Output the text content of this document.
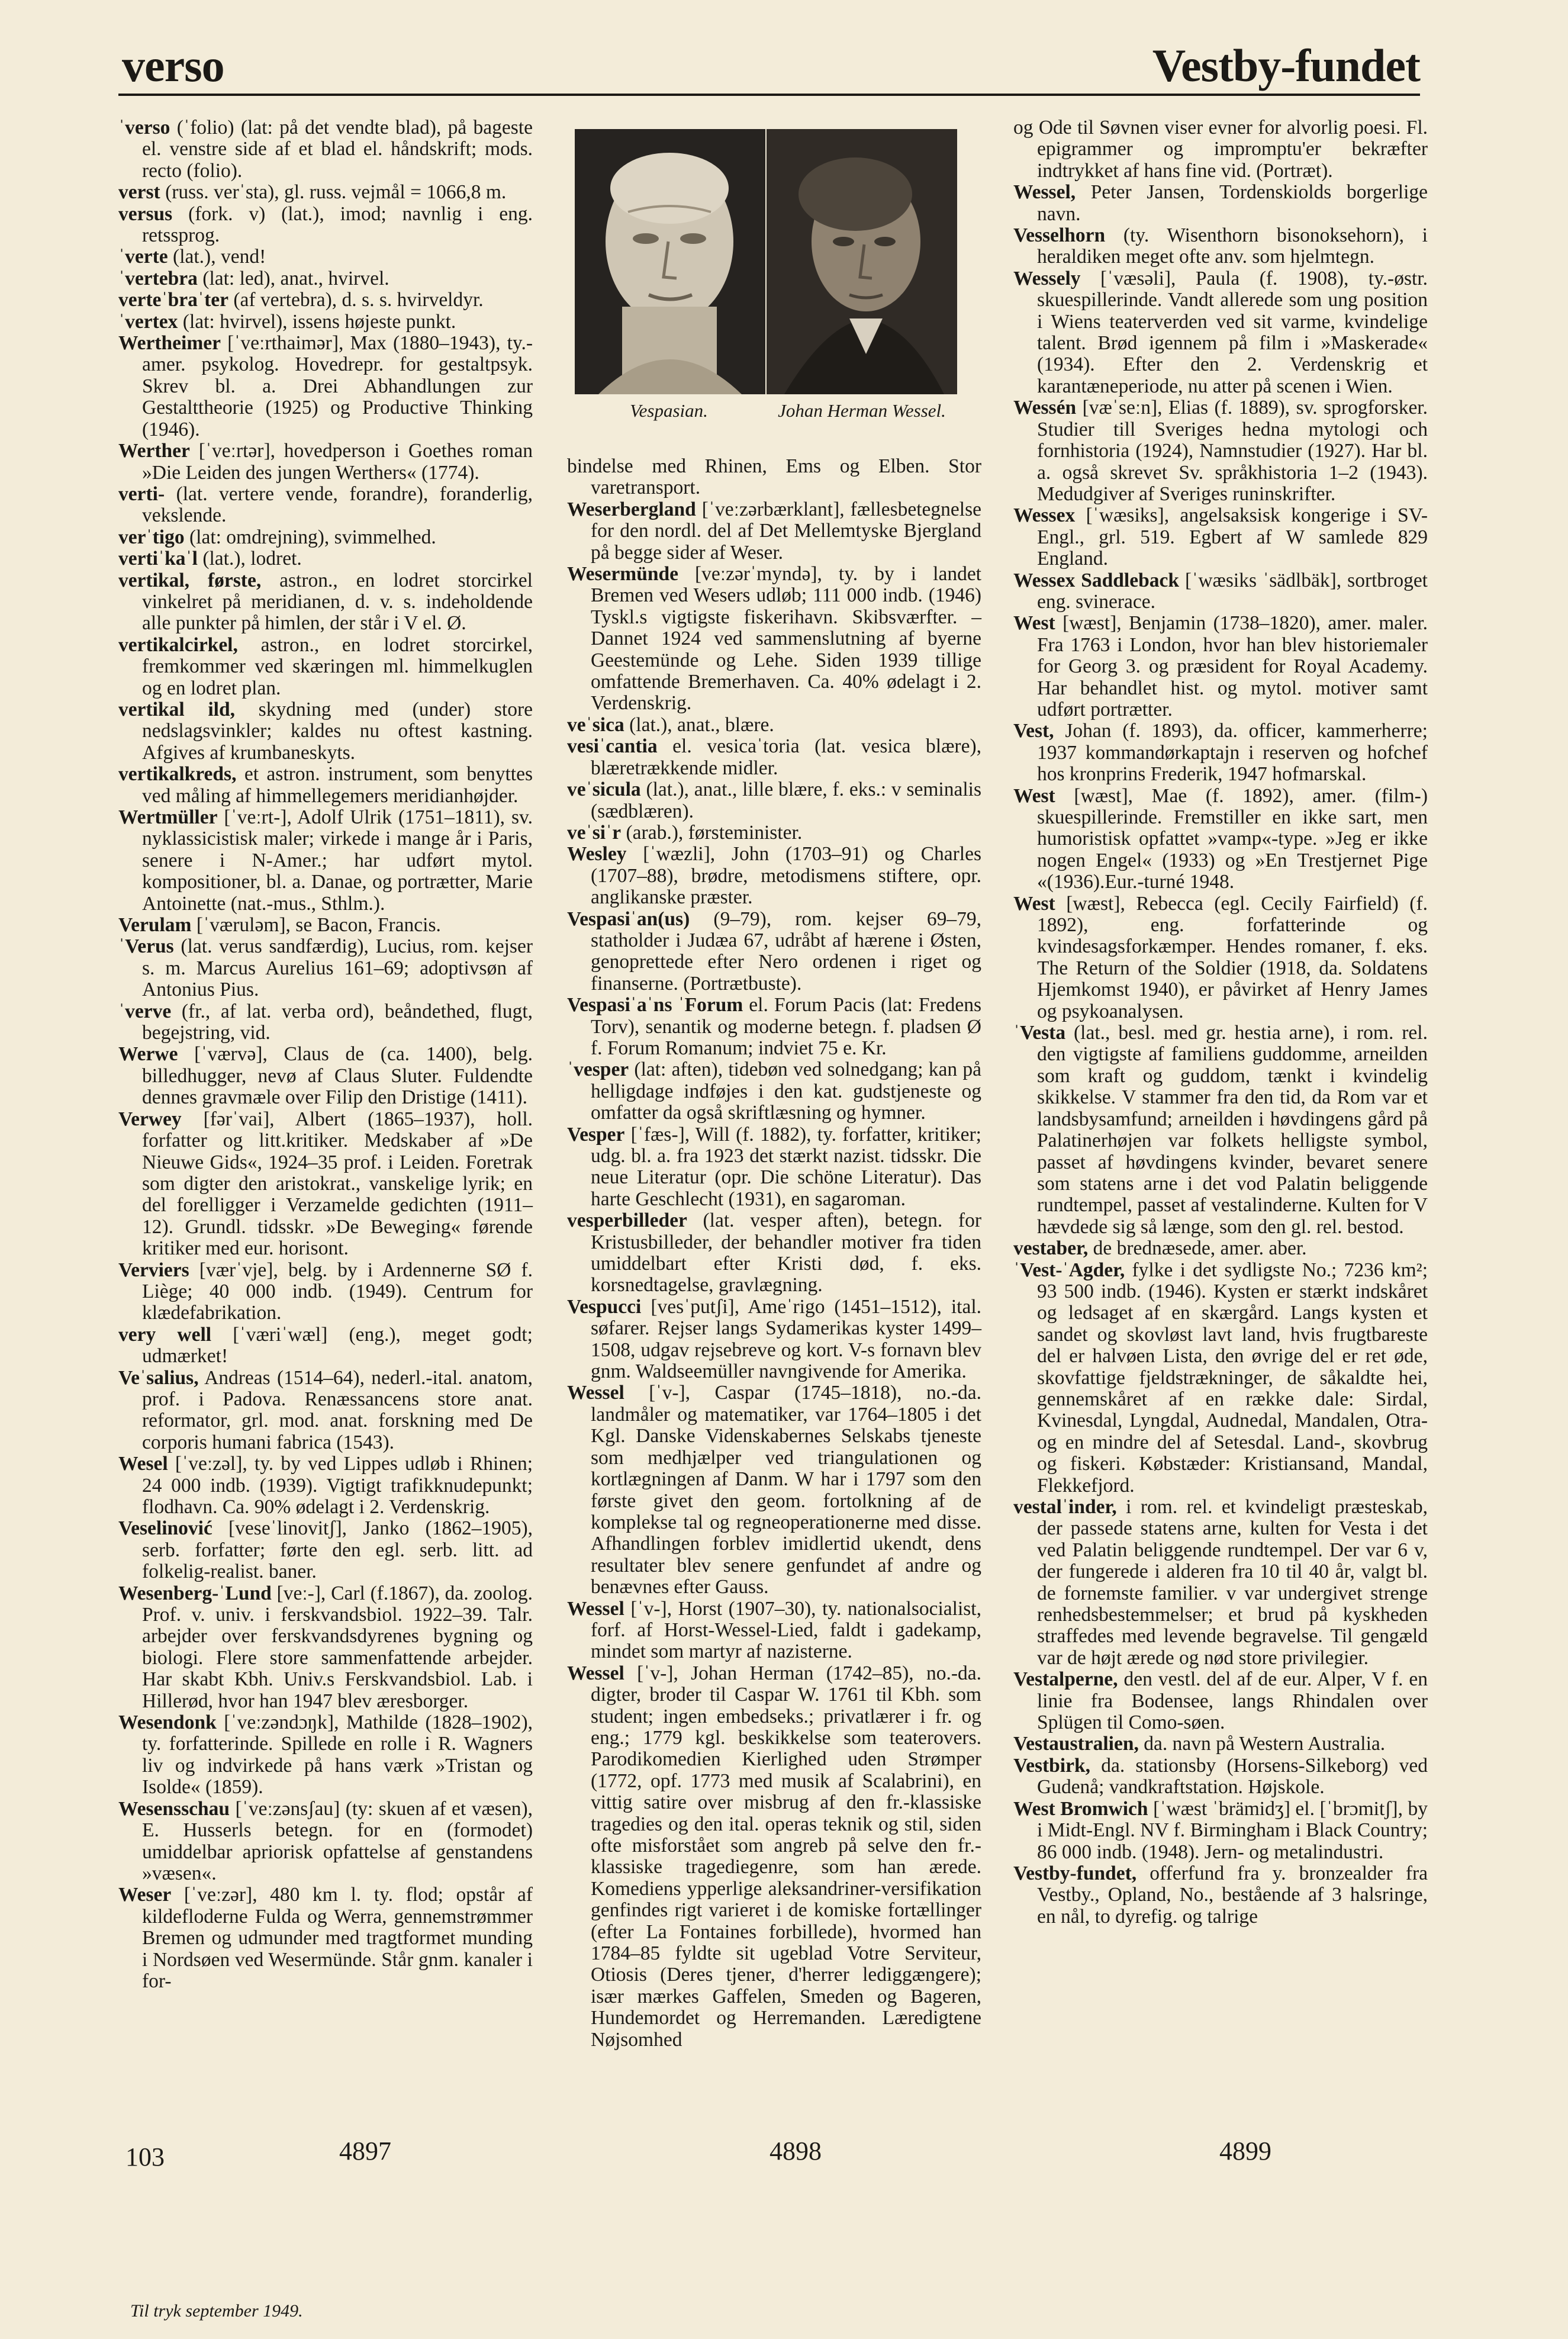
verso	Vestby-fundet

ˈverso (ˈfolio) (lat: på det vendte blad), på bageste el. venstre side af et blad el. håndskrift; mods. recto (folio).

verst (russ. verˈsta), gl. russ. vejmål = 1066,8 m.

versus (fork. v) (lat.), imod; navnlig i eng. retssprog.

ˈverte (lat.), vend!

ˈvertebra (lat: led), anat., hvirvel.

verteˈbraˈter (af vertebra), d. s. s. hvirveldyr.

ˈvertex (lat: hvirvel), issens højeste punkt.

Wertheimer [ˈveːrthaimər], Max (1880–1943), ty.-amer. psykolog. Hovedrepr. for gestaltpsyk. Skrev bl. a. Drei Abhandlungen zur Gestalttheorie (1925) og Productive Thinking (1946).

Werther [ˈveːrtər], hovedperson i Goethes roman »Die Leiden des jungen Werthers« (1774).

verti- (lat. vertere vende, forandre), foranderlig, vekslende.

verˈtigo (lat: omdrejning), svimmelhed.

vertiˈkaˈl (lat.), lodret.

vertikal, første, astron., en lodret storcirkel vinkelret på meridianen, d. v. s. indeholdende alle punkter på himlen, der står i V el. Ø.

vertikalcirkel, astron., en lodret storcirkel, fremkommer ved skæringen ml. himmelkuglen og en lodret plan.

vertikal ild, skydning med (under) store nedslagsvinkler; kaldes nu oftest kastning. Afgives af krumbaneskyts.

vertikalkreds, et astron. instrument, som benyttes ved måling af himmellegemers meridianhøjder.

Wertmüller [ˈveːrt-], Adolf Ulrik (1751–1811), sv. nyklassicistisk maler; virkede i mange år i Paris, senere i N-Amer.; har udført mytol. kompositioner, bl. a. Danae, og portrætter, Marie Antoinette (nat.-mus., Sthlm.).

Verulam [ˈværuləm], se Bacon, Francis.

ˈVerus (lat. verus sandfærdig), Lucius, rom. kejser s. m. Marcus Aurelius 161–69; adoptivsøn af Antonius Pius.

ˈverve (fr., af lat. verba ord), beåndethed, flugt, begejstring, vid.

Werwe [ˈværvə], Claus de (ca. 1400), belg. billedhugger, nevø af Claus Sluter. Fuldendte dennes gravmæle over Filip den Dristige (1411).

Verwey [fərˈvai], Albert (1865–1937), holl. forfatter og litt.kritiker. Medskaber af »De Nieuwe Gids«, 1924–35 prof. i Leiden. Foretrak som digter den aristokrat., vanskelige lyrik; en del forelligger i Verzamelde gedichten (1911–12). Grundl. tidsskr. »De Beweging« førende kritiker med eur. horisont.

Verviers [værˈvje], belg. by i Ardennerne SØ f. Liège; 40 000 indb. (1949). Centrum for klædefabrikation.

very well [ˈværiˈwæl] (eng.), meget godt; udmærket!

Veˈsalius, Andreas (1514–64), nederl.-ital. anatom, prof. i Padova. Renæssancens store anat. reformator, grl. mod. anat. forskning med De corporis humani fabrica (1543).

Wesel [ˈveːzəl], ty. by ved Lippes udløb i Rhinen; 24 000 indb. (1939). Vigtigt trafikknudepunkt; flodhavn. Ca. 90% ødelagt i 2. Verdenskrig.

Veselinović [veseˈlinovitʃ], Janko (1862–1905), serb. forfatter; førte den egl. serb. litt. ad folkelig-realist. baner.

Wesenberg-ˈLund [veː-], Carl (f.1867), da. zoolog. Prof. v. univ. i ferskvandsbiol. 1922–39. Talr. arbejder over ferskvandsdyrenes bygning og biologi. Flere store sammenfattende arbejder. Har skabt Kbh. Univ.s Ferskvandsbiol. Lab. i Hillerød, hvor han 1947 blev æresborger.

Wesendonk [ˈveːzəndɔŋk], Mathilde (1828–1902), ty. forfatterinde. Spillede en rolle i R. Wagners liv og indvirkede på hans værk »Tristan og Isolde« (1859).

Wesensschau [ˈveːzənsʃau] (ty: skuen af et væsen), E. Husserls betegn. for en (formodet) umiddelbar apriorisk opfattelse af genstandens »væsen«.

Weser [ˈveːzər], 480 km l. ty. flod; opstår af kildefloderne Fulda og Werra, gennemstrømmer Bremen og udmunder med tragtformet munding i Nordsøen ved Wesermünde. Står gnm. kanaler i for-

Vespasian.	Johan Herman Wessel.

bindelse med Rhinen, Ems og Elben. Stor varetransport.

Weserbergland [ˈveːzərbærklant], fællesbetegnelse for den nordl. del af Det Mellemtyske Bjergland på begge sider af Weser.

Wesermünde [veːzərˈmyndə], ty. by i landet Bremen ved Wesers udløb; 111 000 indb. (1946) Tyskl.s vigtigste fiskerihavn. Skibsværfter. – Dannet 1924 ved sammenslutning af byerne Geestemünde og Lehe. Siden 1939 tillige omfattende Bremerhaven. Ca. 40% ødelagt i 2. Verdenskrig.

veˈsica (lat.), anat., blære.

vesiˈcantia el. vesicaˈtoria (lat. vesica blære), blæretrækkende midler.

veˈsicula (lat.), anat., lille blære, f. eks.: v seminalis (sædblæren).

veˈsiˈr (arab.), førsteminister.

Wesley [ˈwæzli], John (1703–91) og Charles (1707–88), brødre, metodismens stiftere, opr. anglikanske præster.

Vespasiˈan(us) (9–79), rom. kejser 69–79, statholder i Judæa 67, udråbt af hærene i Østen, genoprettede efter Nero ordenen i riget og finanserne. (Portrætbuste).

Vespasiˈaˈns ˈForum el. Forum Pacis (lat: Fredens Torv), senantik og moderne betegn. f. pladsen Ø f. Forum Romanum; indviet 75 e. Kr.

ˈvesper (lat: aften), tidebøn ved solnedgang; kan på helligdage indføjes i den kat. gudstjeneste og omfatter da også skriftlæsning og hymner.

Vesper [ˈfæs-], Will (f. 1882), ty. forfatter, kritiker; udg. bl. a. fra 1923 det stærkt nazist. tidsskr. Die neue Literatur (opr. Die schöne Literatur). Das harte Geschlecht (1931), en sagaroman.

vesperbilleder (lat. vesper aften), betegn. for Kristusbilleder, der behandler motiver fra tiden umiddelbart efter Kristi død, f. eks. korsnedtagelse, gravlægning.

Vespucci [vesˈputʃi], Ameˈrigo (1451–1512), ital. søfarer. Rejser langs Sydamerikas kyster 1499–1508, udgav rejsebreve og kort. V-s fornavn blev gnm. Waldseemüller navngivende for Amerika.

Wessel [ˈv-], Caspar (1745–1818), no.-da. landmåler og matematiker, var 1764–1805 i det Kgl. Danske Videnskabernes Selskabs tjeneste som medhjælper ved triangulationen og kortlægningen af Danm. W har i 1797 som den første givet den geom. fortolkning af de komplekse tal og regneoperationerne med disse. Afhandlingen forblev imidlertid ukendt, dens resultater blev senere genfundet af andre og benævnes efter Gauss.

Wessel [ˈv-], Horst (1907–30), ty. nationalsocialist, forf. af Horst-Wessel-Lied, faldt i gadekamp, mindet som martyr af nazisterne.

Wessel [ˈv-], Johan Herman (1742–85), no.-da. digter, broder til Caspar W. 1761 til Kbh. som student; ingen embedseks.; privatlærer i fr. og eng.; 1779 kgl. beskikkelse som teaterovers. Parodikomedien Kierlighed uden Strømper (1772, opf. 1773 med musik af Scalabrini), en vittig satire over misbrug af den fr.-klassiske tragedies og den ital. operas teknik og stil, siden ofte misforstået som angreb på selve den fr.-klassiske tragediegenre, som han ærede. Komediens ypperlige aleksandriner-versifikation genfindes rigt varieret i de komiske fortællinger (efter La Fontaines forbillede), hvormed han 1784–85 fyldte sit ugeblad Votre Serviteur, Otiosis (Deres tjener, d'herrer lediggængere); især mærkes Gaffelen, Smeden og Bageren, Hundemordet og Herremanden. Læredigtene Nøjsomhed

og Ode til Søvnen viser evner for alvorlig poesi. Fl. epigrammer og impromptu'er bekræfter indtrykket af hans fine vid. (Portræt).

Wessel, Peter Jansen, Tordenskiolds borgerlige navn.

Vesselhorn (ty. Wisenthorn bisonoksehorn), i heraldiken meget ofte anv. som hjelmtegn.

Wessely [ˈvæsəli], Paula (f. 1908), ty.-østr. skuespillerinde. Vandt allerede som ung position i Wiens teaterverden ved sit varme, kvindelige talent. Brød igennem på film i »Maskerade« (1934). Efter den 2. Verdenskrig et karantæneperiode, nu atter på scenen i Wien.

Wessén [væˈseːn], Elias (f. 1889), sv. sprogforsker. Studier till Sveriges hedna mytologi och fornhistoria (1924), Namnstudier (1927). Har bl. a. også skrevet Sv. språkhistoria 1–2 (1943). Medudgiver af Sveriges runinskrifter.

Wessex [ˈwæsiks], angelsaksisk kongerige i SV-Engl., grl. 519. Egbert af W samlede 829 England.

Wessex Saddleback [ˈwæsiks ˈsädlbäk], sortbroget eng. svinerace.

West [wæst], Benjamin (1738–1820), amer. maler. Fra 1763 i London, hvor han blev historiemaler for Georg 3. og præsident for Royal Academy. Har behandlet hist. og mytol. motiver samt udført portrætter.

Vest, Johan (f. 1893), da. officer, kammerherre; 1937 kommandørkaptajn i reserven og hofchef hos kronprins Frederik, 1947 hofmarskal.

West [wæst], Mae (f. 1892), amer. (film-) skuespillerinde. Fremstiller en ikke sart, men humoristisk opfattet »vamp«-type. »Jeg er ikke nogen Engel« (1933) og »En Trestjernet Pige «(1936).Eur.-turné 1948.

West [wæst], Rebecca (egl. Cecily Fairfield) (f. 1892), eng. forfatterinde og kvindesagsforkæmper. Hendes romaner, f. eks. The Return of the Soldier (1918, da. Soldatens Hjemkomst 1940), er påvirket af Henry James og psykoanalysen.

ˈVesta (lat., besl. med gr. hestia arne), i rom. rel. den vigtigste af familiens guddomme, arneilden som kraft og guddom, tænkt i kvindelig skikkelse. V stammer fra den tid, da Rom var et landsbysamfund; arneilden i høvdingens gård på Palatinerhøjen var folkets helligste symbol, passet af høvdingens kvinder, bevaret senere som statens arne i det vod Palatin beliggende rundtempel, passet af vestalinderne. Kulten for V hævdede sig så længe, som den gl. rel. bestod.

vestaber, de brednæsede, amer. aber.

ˈVest-ˈAgder, fylke i det sydligste No.; 7236 km²; 93 500 indb. (1946). Kysten er stærkt indskåret og ledsaget af en skærgård. Langs kysten et sandet og skovløst lavt land, hvis frugtbareste del er halvøen Lista, den øvrige del er ret øde, skovfattige fjeldstrækninger, de såkaldte hei, gennemskåret af en række dale: Sirdal, Kvinesdal, Lyngdal, Audnedal, Mandalen, Otra- og en mindre del af Setesdal. Land-, skovbrug og fiskeri. Købstæder: Kristiansand, Mandal, Flekkefjord.

vestalˈinder, i rom. rel. et kvindeligt præsteskab, der passede statens arne, kulten for Vesta i det ved Palatin beliggende rundtempel. Der var 6 v, der fungerede i alderen fra 10 til 40 år, valgt bl. de fornemste familier. v var undergivet strenge renhedsbestemmelser; et brud på kyskheden straffedes med levende begravelse. Til gengæld var de højt ærede og nød store privilegier.

Vestalperne, den vestl. del af de eur. Alper, V f. en linie fra Bodensee, langs Rhindalen over Splügen til Como-søen.

Vestaustralien, da. navn på Western Australia.

Vestbirk, da. stationsby (Horsens-Silkeborg) ved Gudenå; vandkraftstation. Højskole.

West Bromwich [ˈwæst ˈbrämidʒ] el. [ˈbrɔmitʃ], by i Midt-Engl. NV f. Birmingham i Black Country; 86 000 indb. (1948). Jern- og metalindustri.

Vestby-fundet, offerfund fra y. bronzealder fra Vestby., Opland, No., bestående af 3 halsringe, en nål, to dyrefig. og talrige

103	4897	4898	4899
Til tryk september 1949.
